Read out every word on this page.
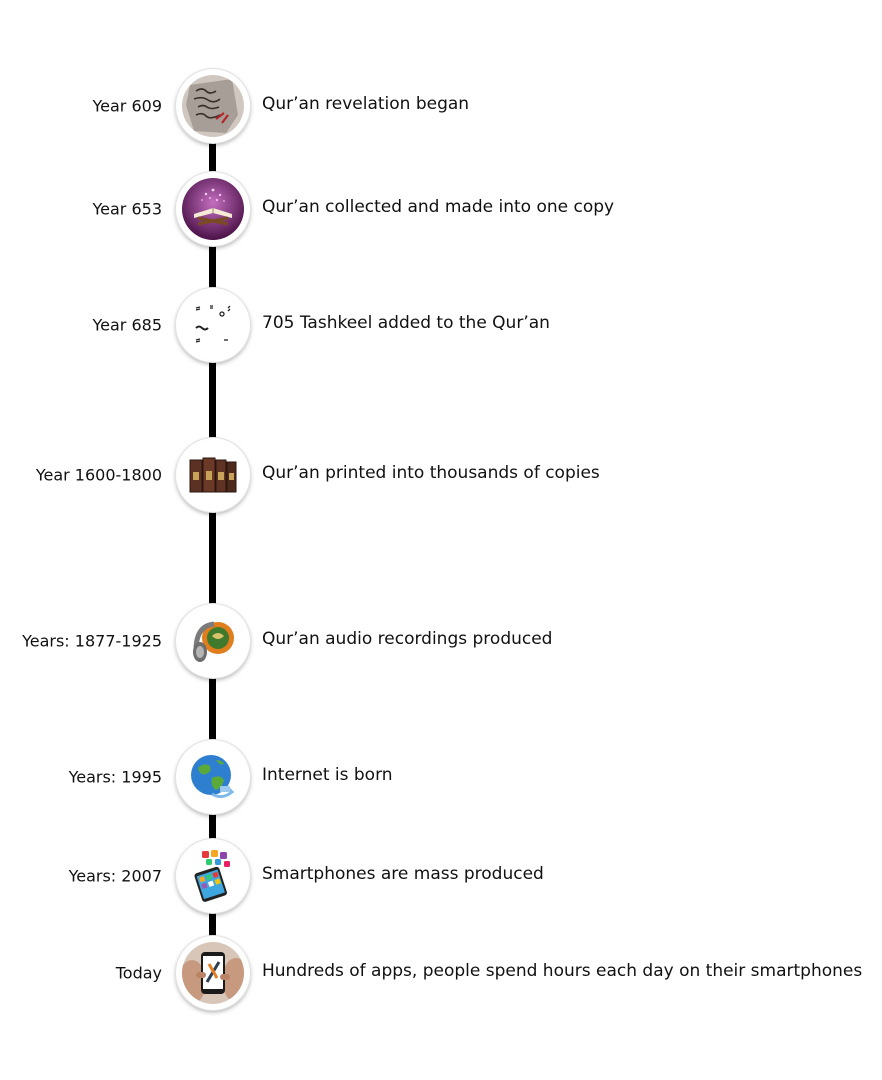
Year 609	Qur’an revelation began
Year 653	Qur’an collected and made into one copy
Year 685	705 Tashkeel added to the Qur’an
Year 1600-1800	Qur’an printed into thousands of copies
Years: 1877-1925	Qur’an audio recordings produced
Years: 1995	Internet is born
Years: 2007	Smartphones are mass produced
Today	Hundreds of apps, people spend hours each day on their smartphones
